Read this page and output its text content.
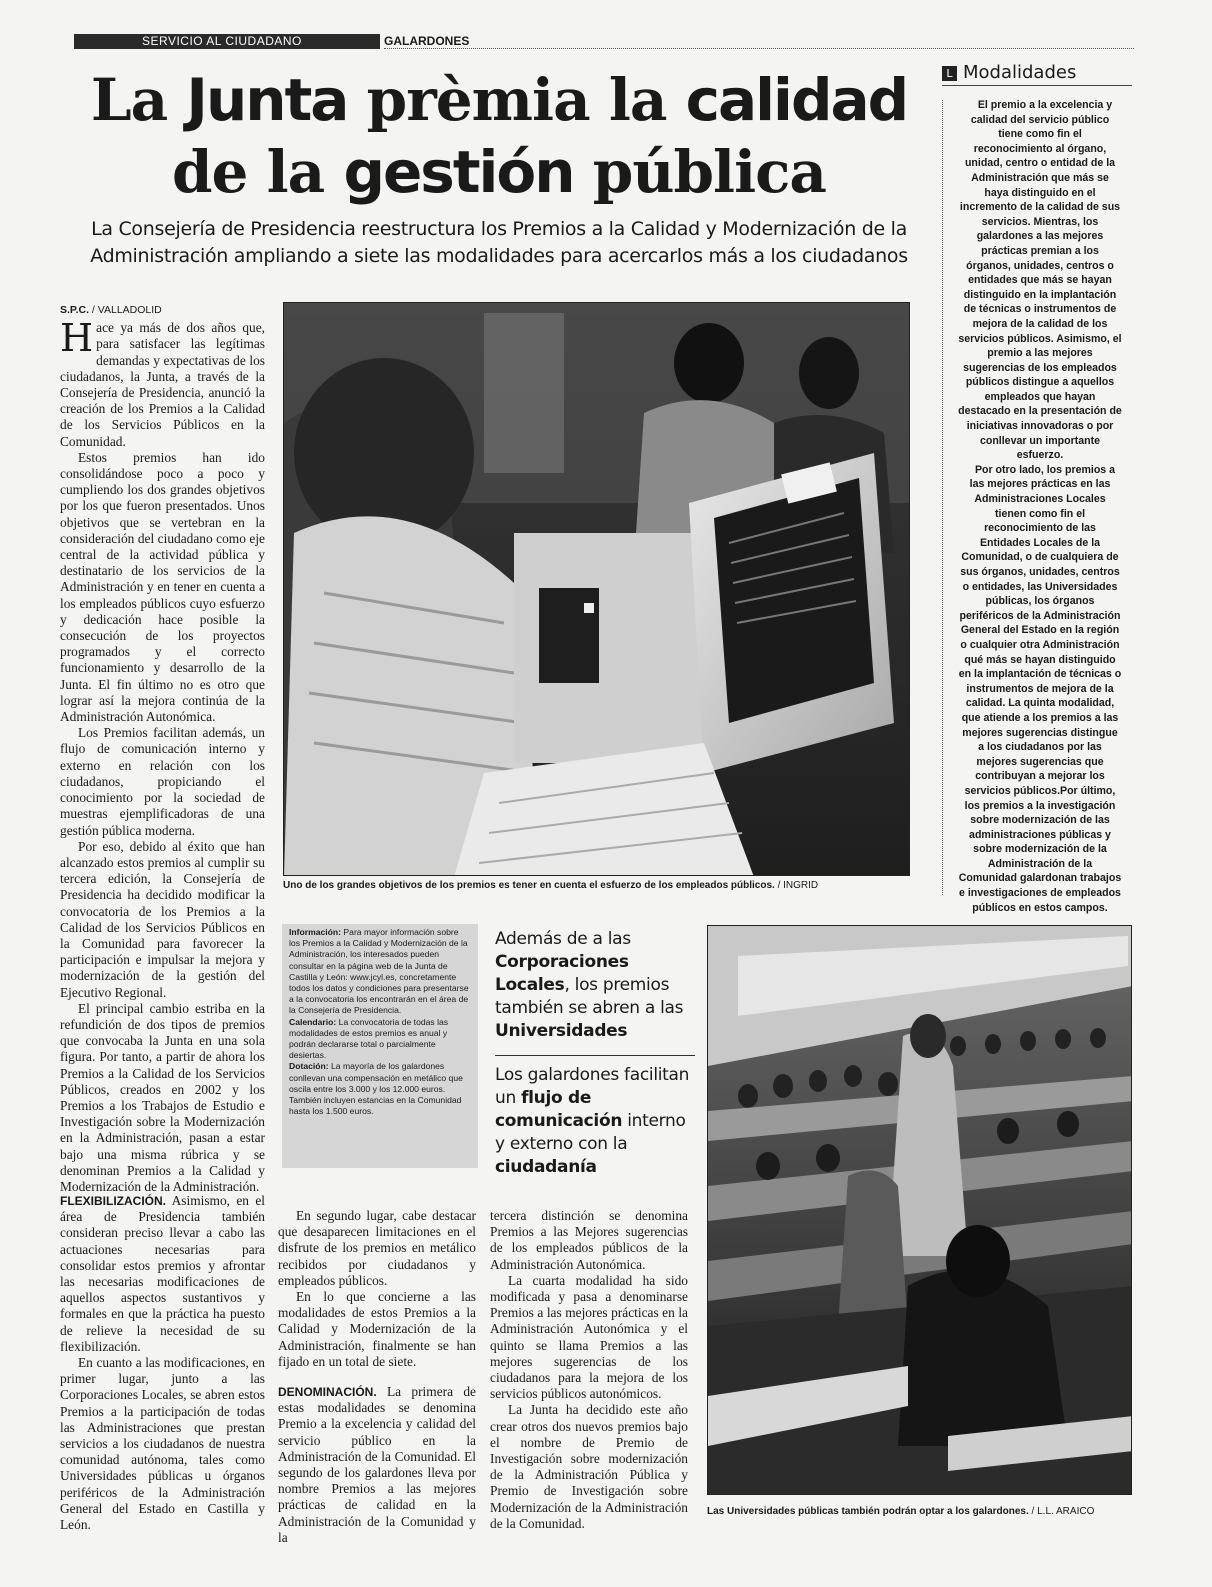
SERVICIO AL CIUDADANO	GALARDONES
La Junta prèmia la calidad
de la gestión pública
La Consejería de Presidencia reestructura los Premios a la Calidad y Modernización de la Administración ampliando a siete las modalidades para acercarlos más a los ciudadanos
S.P.C. / VALLADOLID

Hace ya más de dos años que, para satisfacer las legítimas demandas y expectativas de los ciudadanos, la Junta, a través de la Consejería de Presidencia, anunció la creación de los Premios a la Calidad de los Servicios Públicos en la Comunidad.

Estos premios han ido consolidándose poco a poco y cumpliendo los dos grandes objetivos por los que fueron presentados. Unos objetivos que se vertebran en la consideración del ciudadano como eje central de la actividad pública y destinatario de los servicios de la Administración y en tener en cuenta a los empleados públicos cuyo esfuerzo y dedicación hace posible la consecución de los proyectos programados y el correcto funcionamiento y desarrollo de la Junta. El fin último no es otro que lograr así la mejora continúa de la Administración Autonómica.

Los Premios facilitan además, un flujo de comunicación interno y externo en relación con los ciudadanos, propiciando el conocimiento por la sociedad de muestras ejemplificadoras de una gestión pública moderna.

Por eso, debido al éxito que han alcanzado estos premios al cumplir su tercera edición, la Consejería de Presidencia ha decidido modificar la convocatoria de los Premios a la Calidad de los Servicios Públicos en la Comunidad para favorecer la participación e impulsar la mejora y modernización de la gestión del Ejecutivo Regional.

El principal cambio estriba en la refundición de dos tipos de premios que convocaba la Junta en una sola figura. Por tanto, a partir de ahora los Premios a la Calidad de los Servicios Públicos, creados en 2002 y los Premios a los Trabajos de Estudio e Investigación sobre la Modernización en la Administración, pasan a estar bajo una misma rúbrica y se denominan Premios a la Calidad y Modernización de la Administración.

FLEXIBILIZACIÓN. Asimismo, en el área de Presidencia también consideran preciso llevar a cabo las actuaciones necesarias para consolidar estos premios y afrontar las necesarias modificaciones de aquellos aspectos sustantivos y formales en que la práctica ha puesto de relieve la necesidad de su flexibilización.

En cuanto a las modificaciones, en primer lugar, junto a las Corporaciones Locales, se abren estos Premios a la participación de todas las Administraciones que prestan servicios a los ciudadanos de nuestra comunidad autónoma, tales como Universidades públicas u órganos periféricos de la Administración General del Estado en Castilla y León.

En segundo lugar, cabe destacar que desaparecen limitaciones en el disfrute de los premios en metálico recibidos por ciudadanos y empleados públicos.

En lo que concierne a las modalidades de estos Premios a la Calidad y Modernización de la Administración, finalmente se han fijado en un total de siete.

DENOMINACIÓN. La primera de estas modalidades se denomina Premio a la excelencia y calidad del servicio público en la Administración de la Comunidad. El segundo de los galardones lleva por nombre Premios a las mejores prácticas de calidad en la Administración de la Comunidad y la

tercera distinción se denomina Premios a las Mejores sugerencias de los empleados públicos de la Administración Autonómica.

La cuarta modalidad ha sido modificada y pasa a denominarse Premios a las mejores prácticas en la Administración Autonómica y el quinto se llama Premios a las mejores sugerencias de los ciudadanos para la mejora de los servicios públicos autonómicos.

La Junta ha decidido este año crear otros dos nuevos premios bajo el nombre de Premio de Investigación sobre modernización de la Administración Pública y Premio de Investigación sobre Modernización de la Administración de la Comunidad.

Uno de los grandes objetivos de los premios es tener en cuenta el esfuerzo de los empleados públicos. / INGRID

Información: Para mayor información sobre los Premios a la Calidad y Modernización de la Administración, los interesados pueden consultar en la página web de la Junta de Castilla y León: www.jcyl.es, concretamente todos los datos y condiciones para presentarse a la convocatoria los encontrarán en el área de la Consejería de Presidencia.

Calendario: La convocatoria de todas las modalidades de estos premios es anual y podrán declararse total o parcialmente desiertas.

Dotación: La mayoría de los galardones conllevan una compensación en metálico que oscila entre los 3.000 y los 12.000 euros. También incluyen estancias en la Comunidad hasta los 1.500 euros.

Además de a las Corporaciones Locales, los premios también se abren a las Universidades
Los galardones facilitan un flujo de comunicación interno y externo con la ciudadanía
Las Universidades públicas también podrán optar a los galardones. / L.L. ARAICO
L Modalidades

El premio a la excelencia y calidad del servicio público tiene como fin el reconocimiento al órgano, unidad, centro o entidad de la Administración que más se haya distinguido en el incremento de la calidad de sus servicios. Mientras, los galardones a las mejores prácticas premian a los órganos, unidades, centros o entidades que más se hayan distinguido en la implantación de técnicas o instrumentos de mejora de la calidad de los servicios públicos. Asimismo, el premio a las mejores sugerencias de los empleados públicos distingue a aquellos empleados que hayan destacado en la presentación de iniciativas innovadoras o por conllevar un importante esfuerzo.

Por otro lado, los premios a las mejores prácticas en las Administraciones Locales tienen como fin el reconocimiento de las Entidades Locales de la Comunidad, o de cualquiera de sus órganos, unidades, centros o entidades, las Universidades públicas, los órganos periféricos de la Administración General del Estado en la región o cualquier otra Administración qué más se hayan distinguido en la implantación de técnicas o instrumentos de mejora de la calidad. La quinta modalidad, que atiende a los premios a las mejores sugerencias distingue a los ciudadanos por las mejores sugerencias que contribuyan a mejorar los servicios públicos.Por último, los premios a la investigación sobre modernización de las administraciones públicas y sobre modernización de la Administración de la Comunidad galardonan trabajos e investigaciones de empleados públicos en estos campos.
